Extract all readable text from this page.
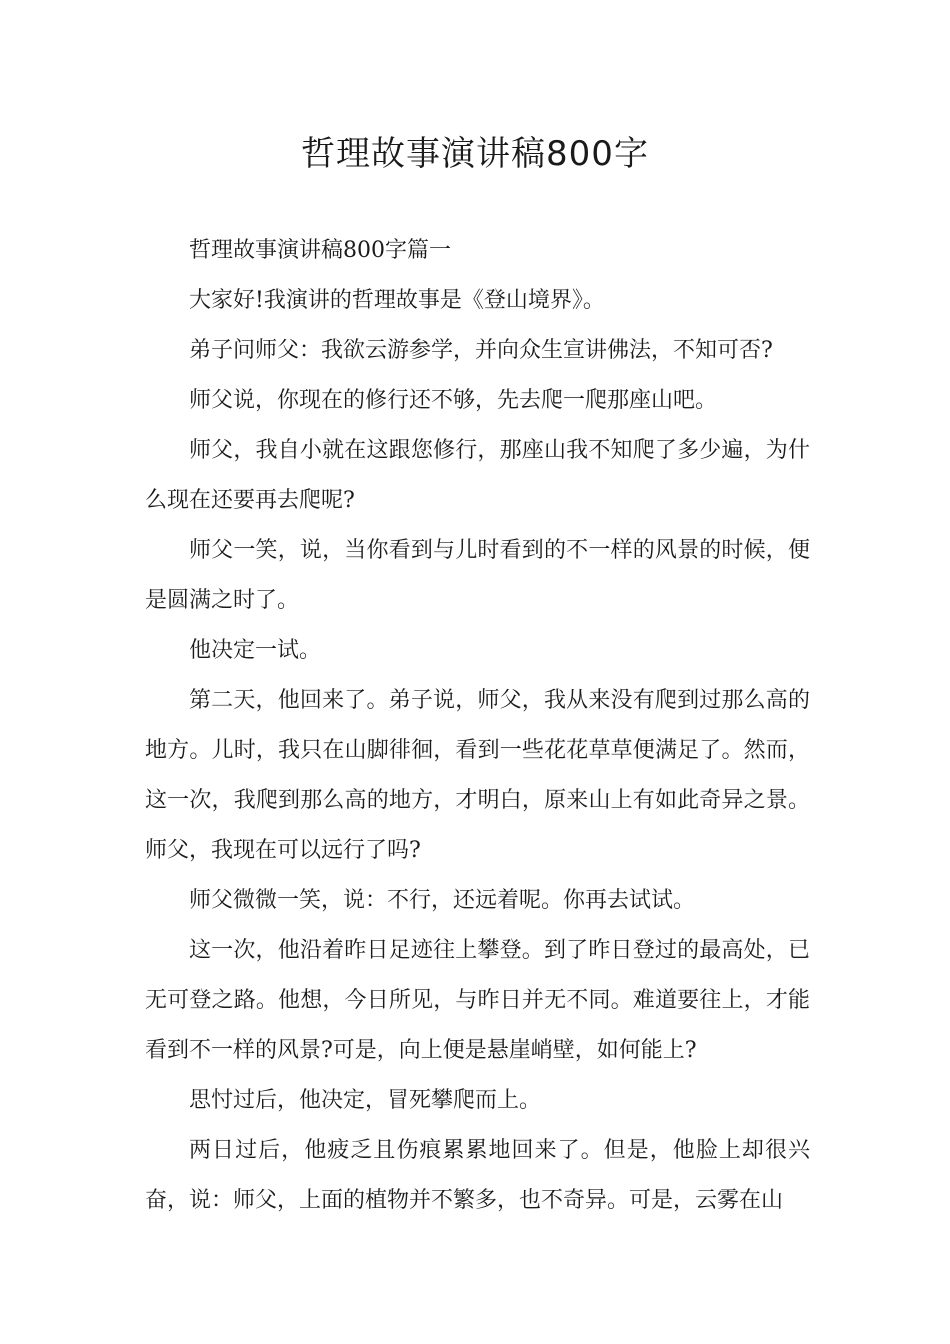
哲理故事演讲稿800字

哲理故事演讲稿800字篇一

大家好!我演讲的哲理故事是《登山境界》。

弟子问师父：我欲云游参学，并向众生宣讲佛法，不知可否?

师父说，你现在的修行还不够，先去爬一爬那座山吧。

师父，我自小就在这跟您修行，那座山我不知爬了多少遍，为什么现在还要再去爬呢?

师父一笑，说，当你看到与儿时看到的不一样的风景的时候，便是圆满之时了。

他决定一试。

第二天，他回来了。弟子说，师父，我从来没有爬到过那么高的地方。儿时，我只在山脚徘徊，看到一些花花草草便满足了。然而，这一次，我爬到那么高的地方，才明白，原来山上有如此奇异之景。师父，我现在可以远行了吗?

师父微微一笑，说：不行，还远着呢。你再去试试。

这一次，他沿着昨日足迹往上攀登。到了昨日登过的最高处，已无可登之路。他想，今日所见，与昨日并无不同。难道要往上，才能看到不一样的风景?可是，向上便是悬崖峭壁，如何能上?

思忖过后，他决定，冒死攀爬而上。

两日过后，他疲乏且伤痕累累地回来了。但是，他脸上却很兴奋，说：师父，上面的植物并不繁多，也不奇异。可是，云雾在山
